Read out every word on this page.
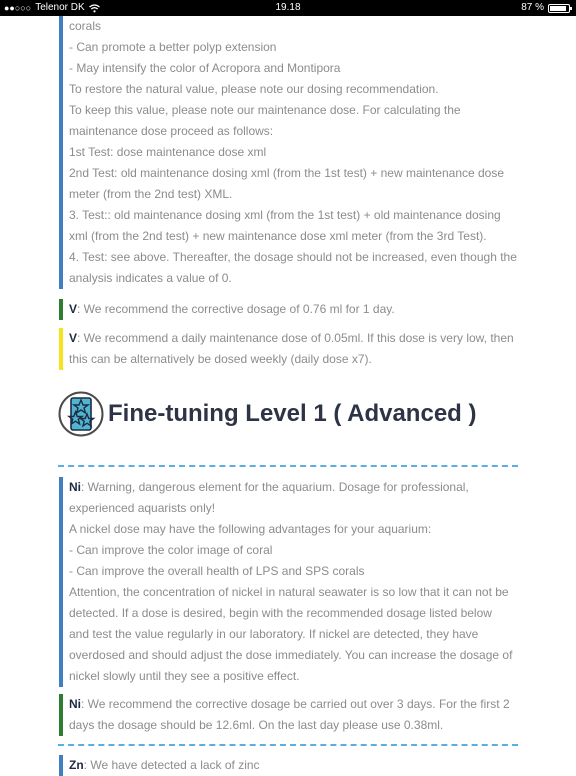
●●○○○ Telenor DK	19.18	87 %

corals

- Can promote a better polyp extension

- May intensify the color of Acropora and Montipora

To restore the natural value, please note our dosing recommendation.

To keep this value, please note our maintenance dose. For calculating the

maintenance dose proceed as follows:

1st Test: dose maintenance dose xml

2nd Test: old maintenance dosing xml (from the 1st test) + new maintenance dose

meter (from the 2nd test) XML.

3. Test:: old maintenance dosing xml (from the 1st test) + old maintenance dosing

xml (from the 2nd test) + new maintenance dose xml meter (from the 3rd Test).

4. Test: see above. Thereafter, the dosage should not be increased, even though the

analysis indicates a value of 0.

V: We recommend the corrective dosage of 0.76 ml for 1 day.

V: We recommend a daily maintenance dose of 0.05ml. If this dose is very low, then

this can be alternatively be dosed weekly (daily dose x7).

Fine-tuning Level 1 ( Advanced )

Ni: Warning, dangerous element for the aquarium. Dosage for professional,

experienced aquarists only!

A nickel dose may have the following advantages for your aquarium:

- Can improve the color image of coral

- Can improve the overall health of LPS and SPS corals

Attention, the concentration of nickel in natural seawater is so low that it can not be

detected. If a dose is desired, begin with the recommended dosage listed below

and test the value regularly in our laboratory. If nickel are detected, they have

overdosed and should adjust the dose immediately. You can increase the dosage of

nickel slowly until they see a positive effect.

Ni: We recommend the corrective dosage be carried out over 3 days. For the first 2

days the dosage should be 12.6ml. On the last day please use 0.38ml.

Zn: We have detected a lack of zinc
